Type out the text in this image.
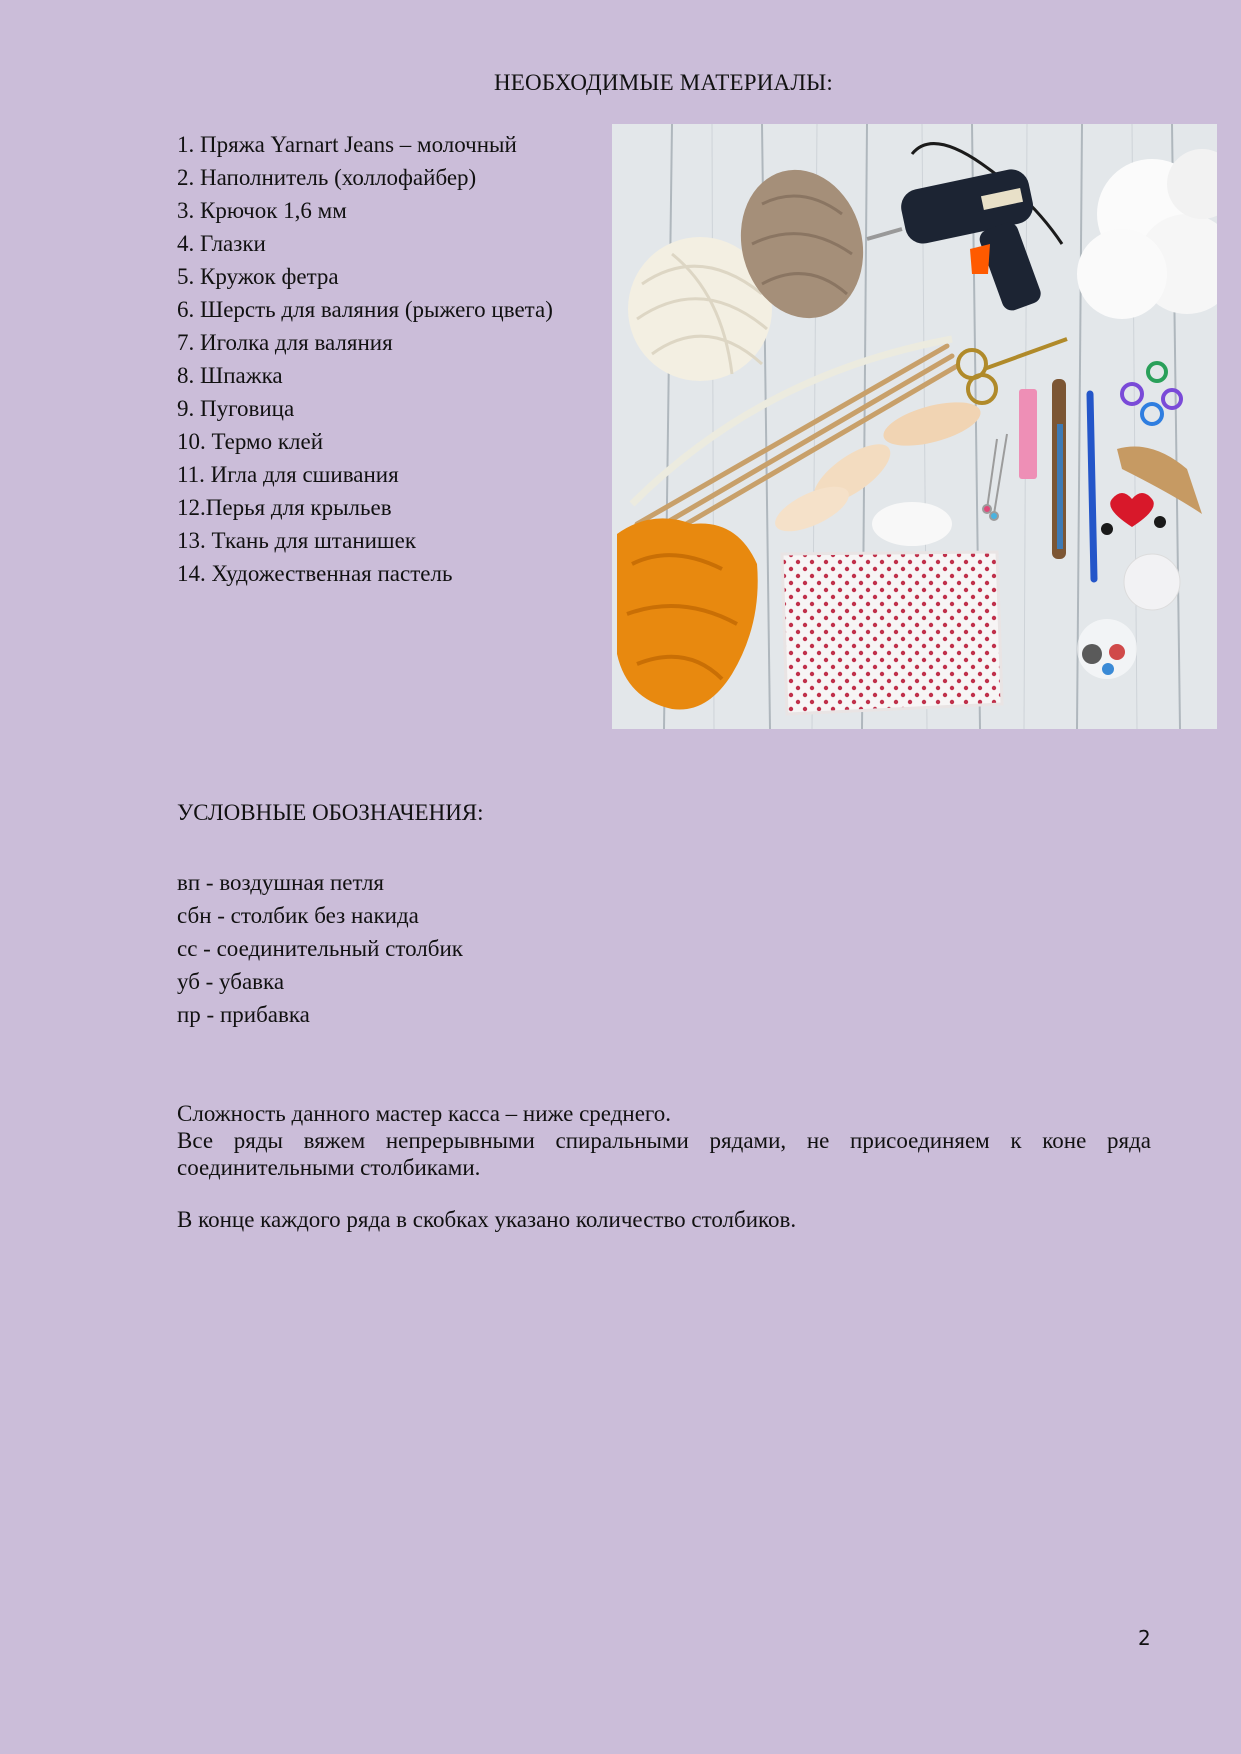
НЕОБХОДИМЫЕ МАТЕРИАЛЫ:
1. Пряжа Yarnart Jeans – молочный
2. Наполнитель (холлофайбер)
3. Крючок 1,6 мм
4. Глазки
5. Кружок фетра
6. Шерсть для валяния (рыжего цвета)
7. Иголка для валяния
8. Шпажка
9. Пуговица
10. Термо клей
11. Игла для сшивания
12.Перья для крыльев
13. Ткань для штанишек
14. Художественная пастель
УСЛОВНЫЕ ОБОЗНАЧЕНИЯ:
вп - воздушная петля
сбн - столбик без накида
сс - соединительный столбик
уб - убавка
пр - прибавка

Сложность данного мастер касса – ниже среднего.

Все ряды вяжем непрерывными спиральными рядами, не присоединяем к коне ряда соединительными столбиками.

В конце каждого ряда в скобках указано количество столбиков.

2
